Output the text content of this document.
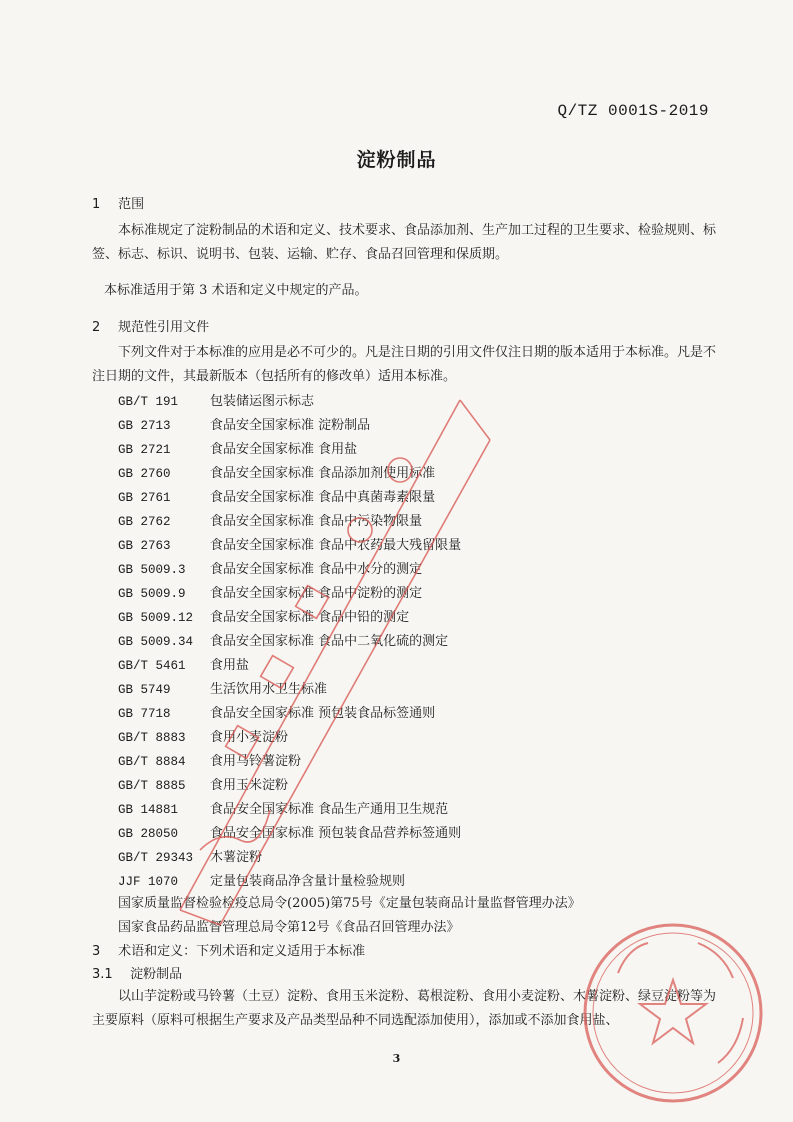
Q/TZ 0001S-2019
淀粉制品
1 范围
本标准规定了淀粉制品的术语和定义、技术要求、食品添加剂、生产加工过程的卫生要求、检验规则、标签、标志、标识、说明书、包装、运输、贮存、食品召回管理和保质期。
本标准适用于第 3 术语和定义中规定的产品。
2 规范性引用文件
下列文件对于本标准的应用是必不可少的。凡是注日期的引用文件仅注日期的版本适用于本标准。凡是不注日期的文件，其最新版本（包括所有的修改单）适用本标准。
GB/T 191 包装储运图示标志
GB 2713	食品安全国家标准 淀粉制品
GB 2721	食品安全国家标准 食用盐
GB 2760	食品安全国家标准 食品添加剂使用标准
GB 2761	食品安全国家标准 食品中真菌毒素限量
GB 2762	食品安全国家标准 食品中污染物限量
GB 2763	食品安全国家标准 食品中农药最大残留限量
GB 5009.3 食品安全国家标准 食品中水分的测定
GB 5009.9 食品安全国家标准 食品中淀粉的测定
GB 5009.12 食品安全国家标准 食品中铅的测定
GB 5009.34 食品安全国家标准 食品中二氧化硫的测定
GB/T 5461 食用盐
GB 5749	生活饮用水卫生标准
GB 7718	食品安全国家标准 预包装食品标签通则
GB/T 8883 食用小麦淀粉
GB/T 8884 食用马铃薯淀粉
GB/T 8885 食用玉米淀粉
GB 14881 食品安全国家标准 食品生产通用卫生规范
GB 28050 食品安全国家标准 预包装食品营养标签通则
GB/T 29343 木薯淀粉
JJF 1070 定量包装商品净含量计量检验规则
国家质量监督检验检疫总局令(2005)第75号《定量包装商品计量监督管理办法》
国家食品药品监督管理总局令第12号《食品召回管理办法》
3 术语和定义：下列术语和定义适用于本标准
3.1 淀粉制品
以山芋淀粉或马铃薯（土豆）淀粉、食用玉米淀粉、葛根淀粉、食用小麦淀粉、木薯淀粉、绿豆淀粉等为主要原料（原料可根据生产要求及产品类型品种不同选配添加使用），添加或不添加食用盐、
3
